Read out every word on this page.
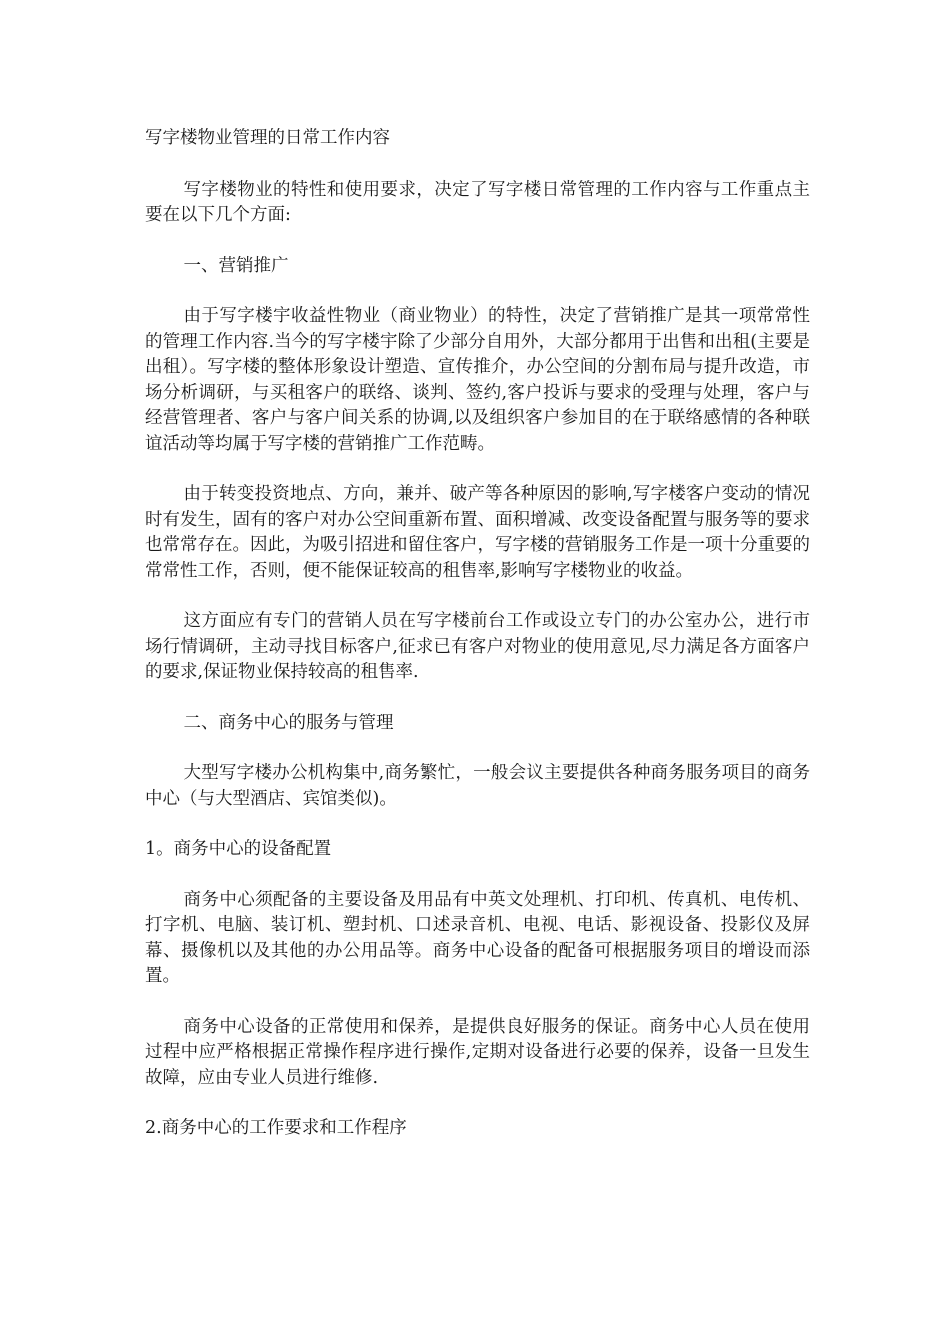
写字楼物业管理的日常工作内容

写字楼物业的特性和使用要求，决定了写字楼日常管理的工作内容与工作重点主要在以下几个方面:

一、营销推广

由于写字楼宇收益性物业（商业物业）的特性，决定了营销推广是其一项常常性的管理工作内容.当今的写字楼宇除了少部分自用外，大部分都用于出售和出租(主要是出租）。写字楼的整体形象设计塑造、宣传推介，办公空间的分割布局与提升改造，市场分析调研，与买租客户的联络、谈判、签约,客户投诉与要求的受理与处理，客户与经营管理者、客户与客户间关系的协调,以及组织客户参加目的在于联络感情的各种联谊活动等均属于写字楼的营销推广工作范畴。

由于转变投资地点、方向，兼并、破产等各种原因的影响,写字楼客户变动的情况时有发生，固有的客户对办公空间重新布置、面积增减、改变设备配置与服务等的要求也常常存在。因此，为吸引招进和留住客户，写字楼的营销服务工作是一项十分重要的常常性工作，否则，便不能保证较高的租售率,影响写字楼物业的收益。

这方面应有专门的营销人员在写字楼前台工作或设立专门的办公室办公，进行市场行情调研，主动寻找目标客户,征求已有客户对物业的使用意见,尽力满足各方面客户的要求,保证物业保持较高的租售率.

二、商务中心的服务与管理

大型写字楼办公机构集中,商务繁忙，一般会议主要提供各种商务服务项目的商务中心（与大型酒店、宾馆类似)。

1。商务中心的设备配置

商务中心须配备的主要设备及用品有中英文处理机、打印机、传真机、电传机、打字机、电脑、装订机、塑封机、口述录音机、电视、电话、影视设备、投影仪及屏幕、摄像机以及其他的办公用品等。商务中心设备的配备可根据服务项目的增设而添置。

商务中心设备的正常使用和保养，是提供良好服务的保证。商务中心人员在使用过程中应严格根据正常操作程序进行操作,定期对设备进行必要的保养，设备一旦发生故障，应由专业人员进行维修.

2.商务中心的工作要求和工作程序
